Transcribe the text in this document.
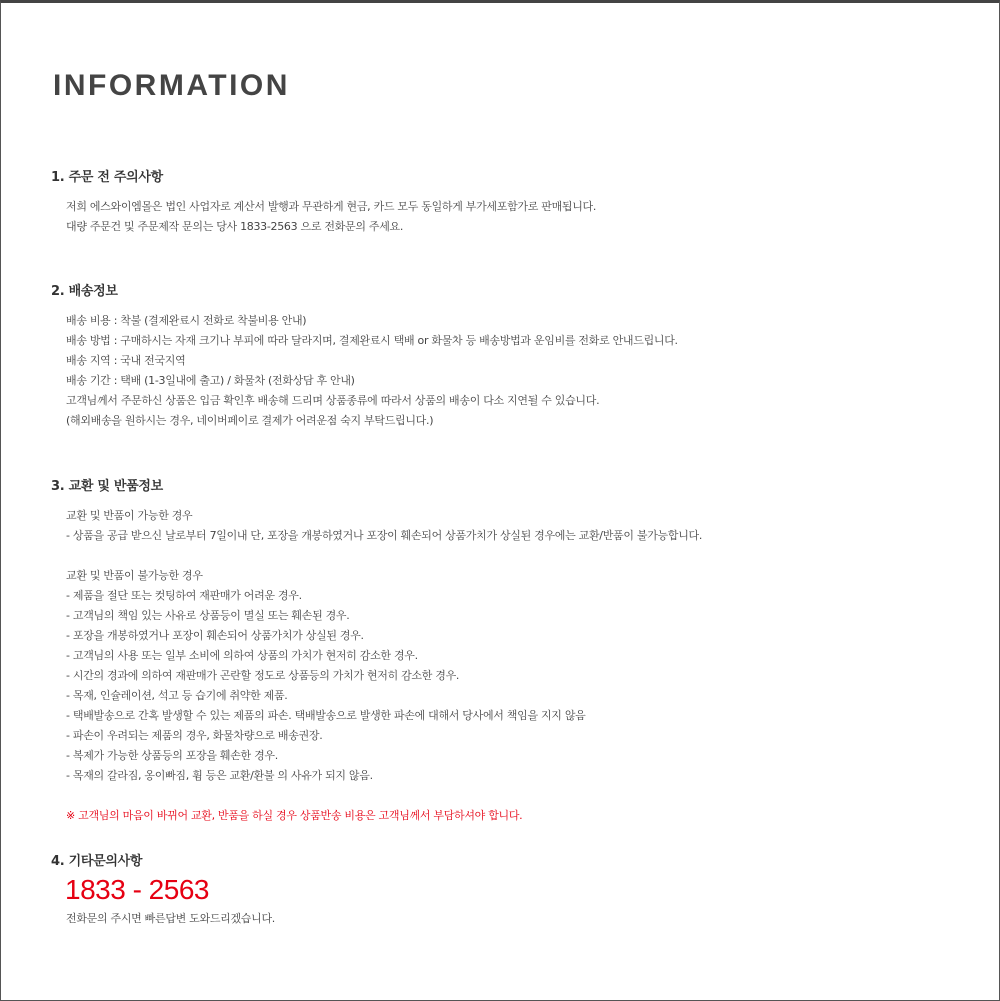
INFORMATION
1. 주문 전 주의사항
저희 에스와이엠몰은 법인 사업자로 계산서 발행과 무관하게 현금, 카드 모두 동일하게 부가세포함가로 판매됩니다.
대량 주문건 및 주문제작 문의는 당사 1833-2563 으로 전화문의 주세요.
2. 배송정보
배송 비용 : 착불 (결제완료시 전화로 착불비용 안내)
배송 방법 : 구매하시는 자재 크기나 부피에 따라 달라지며, 결제완료시 택배 or 화물차 등 배송방법과 운임비를 전화로 안내드립니다.
배송 지역 : 국내 전국지역
배송 기간 : 택배 (1-3일내에 출고) / 화물차 (전화상담 후 안내)
고객님께서 주문하신 상품은 입금 확인후 배송해 드리며 상품종류에 따라서 상품의 배송이 다소 지연될 수 있습니다.
(해외배송을 원하시는 경우, 네이버페이로 결제가 어려운점 숙지 부탁드립니다.)
3. 교환 및 반품정보
교환 및 반품이 가능한 경우
- 상품을 공급 받으신 날로부터 7일이내 단, 포장을 개봉하였거나 포장이 훼손되어 상품가치가 상실된 경우에는 교환/반품이 불가능합니다.
교환 및 반품이 불가능한 경우
- 제품을 절단 또는 컷팅하여 재판매가 어려운 경우.
- 고객님의 책임 있는 사유로 상품등이 멸실 또는 훼손된 경우.
- 포장을 개봉하였거나 포장이 훼손되어 상품가치가 상실된 경우.
- 고객님의 사용 또는 일부 소비에 의하여 상품의 가치가 현저히 감소한 경우.
- 시간의 경과에 의하여 재판매가 곤란할 정도로 상품등의 가치가 현저히 감소한 경우.
- 목재, 인슐레이션, 석고 등 습기에 취약한 제품.
- 택배발송으로 간혹 발생할 수 있는 제품의 파손. 택배발송으로 발생한 파손에 대해서 당사에서 책임을 지지 않음
- 파손이 우려되는 제품의 경우, 화물차량으로 배송권장.
- 복제가 가능한 상품등의 포장을 훼손한 경우.
- 목재의 갈라짐, 옹이빠짐, 휨 등은 교환/환불 의 사유가 되지 않음.
※ 고객님의 마음이 바뀌어 교환, 반품을 하실 경우 상품반송 비용은 고객님께서 부담하셔야 합니다.
4. 기타문의사항
1833 - 2563
전화문의 주시면 빠른답변 도와드리겠습니다.
